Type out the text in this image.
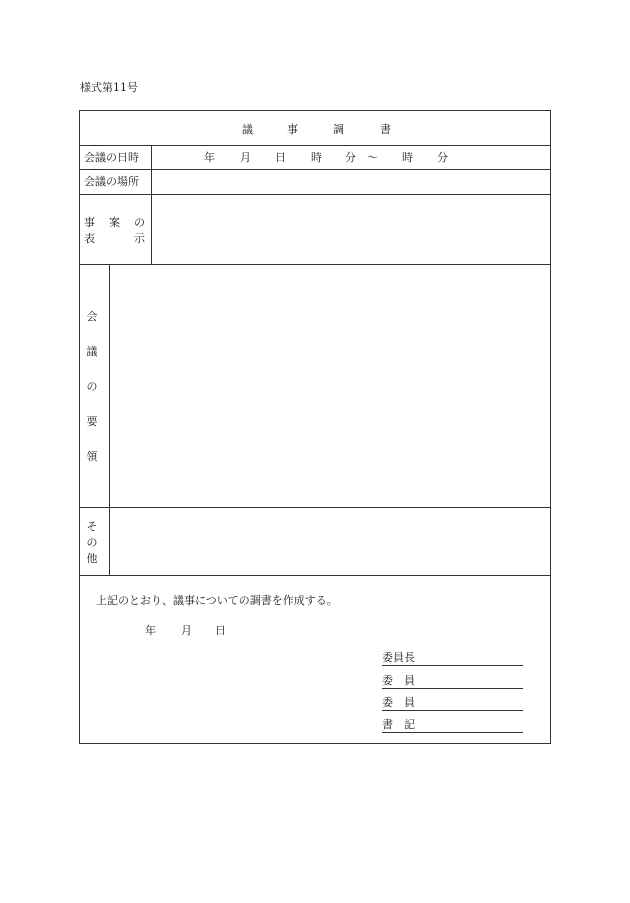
様式第11号
議	事	調	書
会議の日時	年 月 日 時 分 ～ 時 分
会議の場所
事 案 の
表	示
会
議
の
要
領
そ
の
他
上記のとおり、議事についての調書を作成する。
年 月 日
委員長
委　員
委　員
書　記
